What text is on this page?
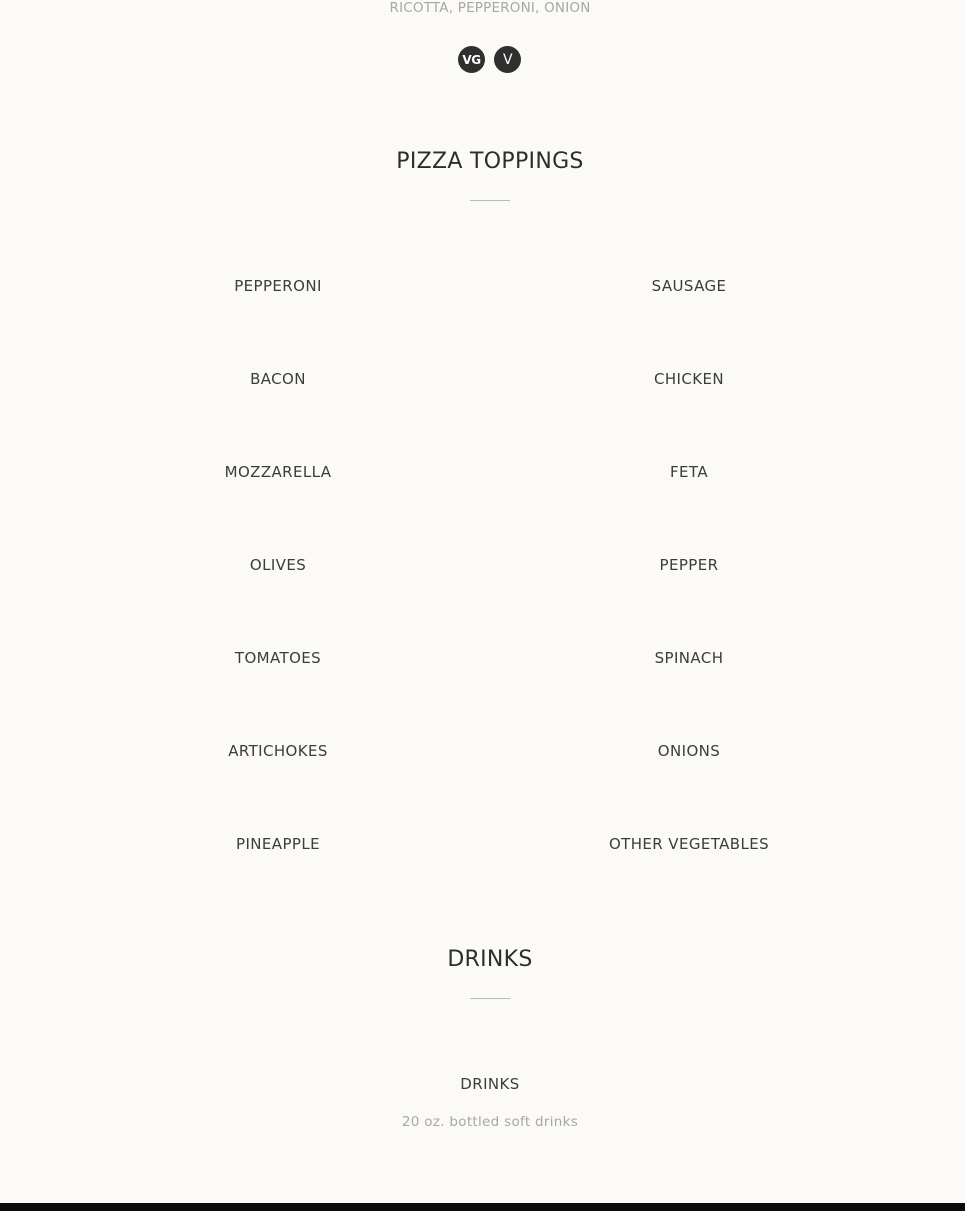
RICOTTA, PEPPERONI, ONION
VG	V
PIZZA TOPPINGS
PEPPERONI
BACON
MOZZARELLA
OLIVES
TOMATOES
ARTICHOKES
PINEAPPLE
SAUSAGE
CHICKEN
FETA
PEPPER
SPINACH
ONIONS
OTHER VEGETABLES
DRINKS
DRINKS
20 oz. bottled soft drinks
